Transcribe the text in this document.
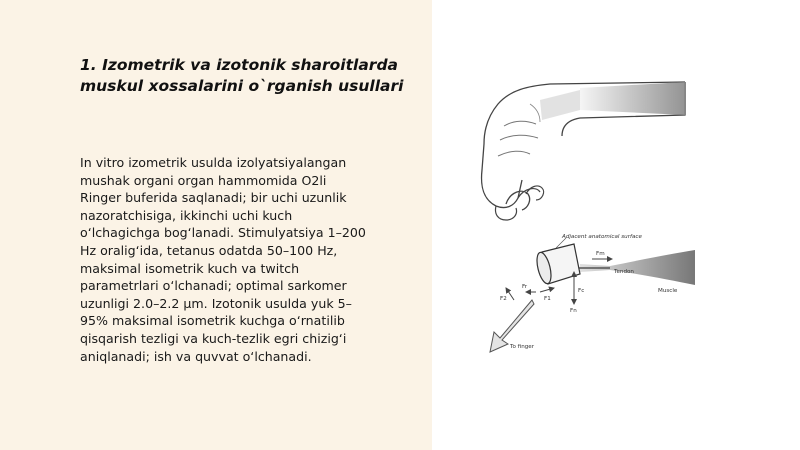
1. Izometrik va izotonik sharoitlarda
muskul xossalarini o`rganish usullari

In vitro izometrik usulda izolyatsiyalangan
mushak organi organ hammomida O2li
Ringer buferida saqlanadi; bir uchi uzunlik
nazoratchisiga, ikkinchi uchi kuch
o‘lchagichga bog‘lanadi. Stimulyatsiya 1–200
Hz oralig‘ida, tetanus odatda 50–100 Hz,
maksimal isometrik kuch va twitch
parametrlari o‘lchanadi; optimal sarkomer
uzunligi 2.0–2.2 μm. Izotonik usulda yuk 5–
95% maksimal isometrik kuchga o‘rnatilib
qisqarish tezligi va kuch-tezlik egri chizig‘i
aniqlanadi; ish va quvvat o‘lchanadi.

Adjacent anatomical surface
Tendon
Muscle
To finger
Fm
F1
F2
Fr
Fc
Fn
